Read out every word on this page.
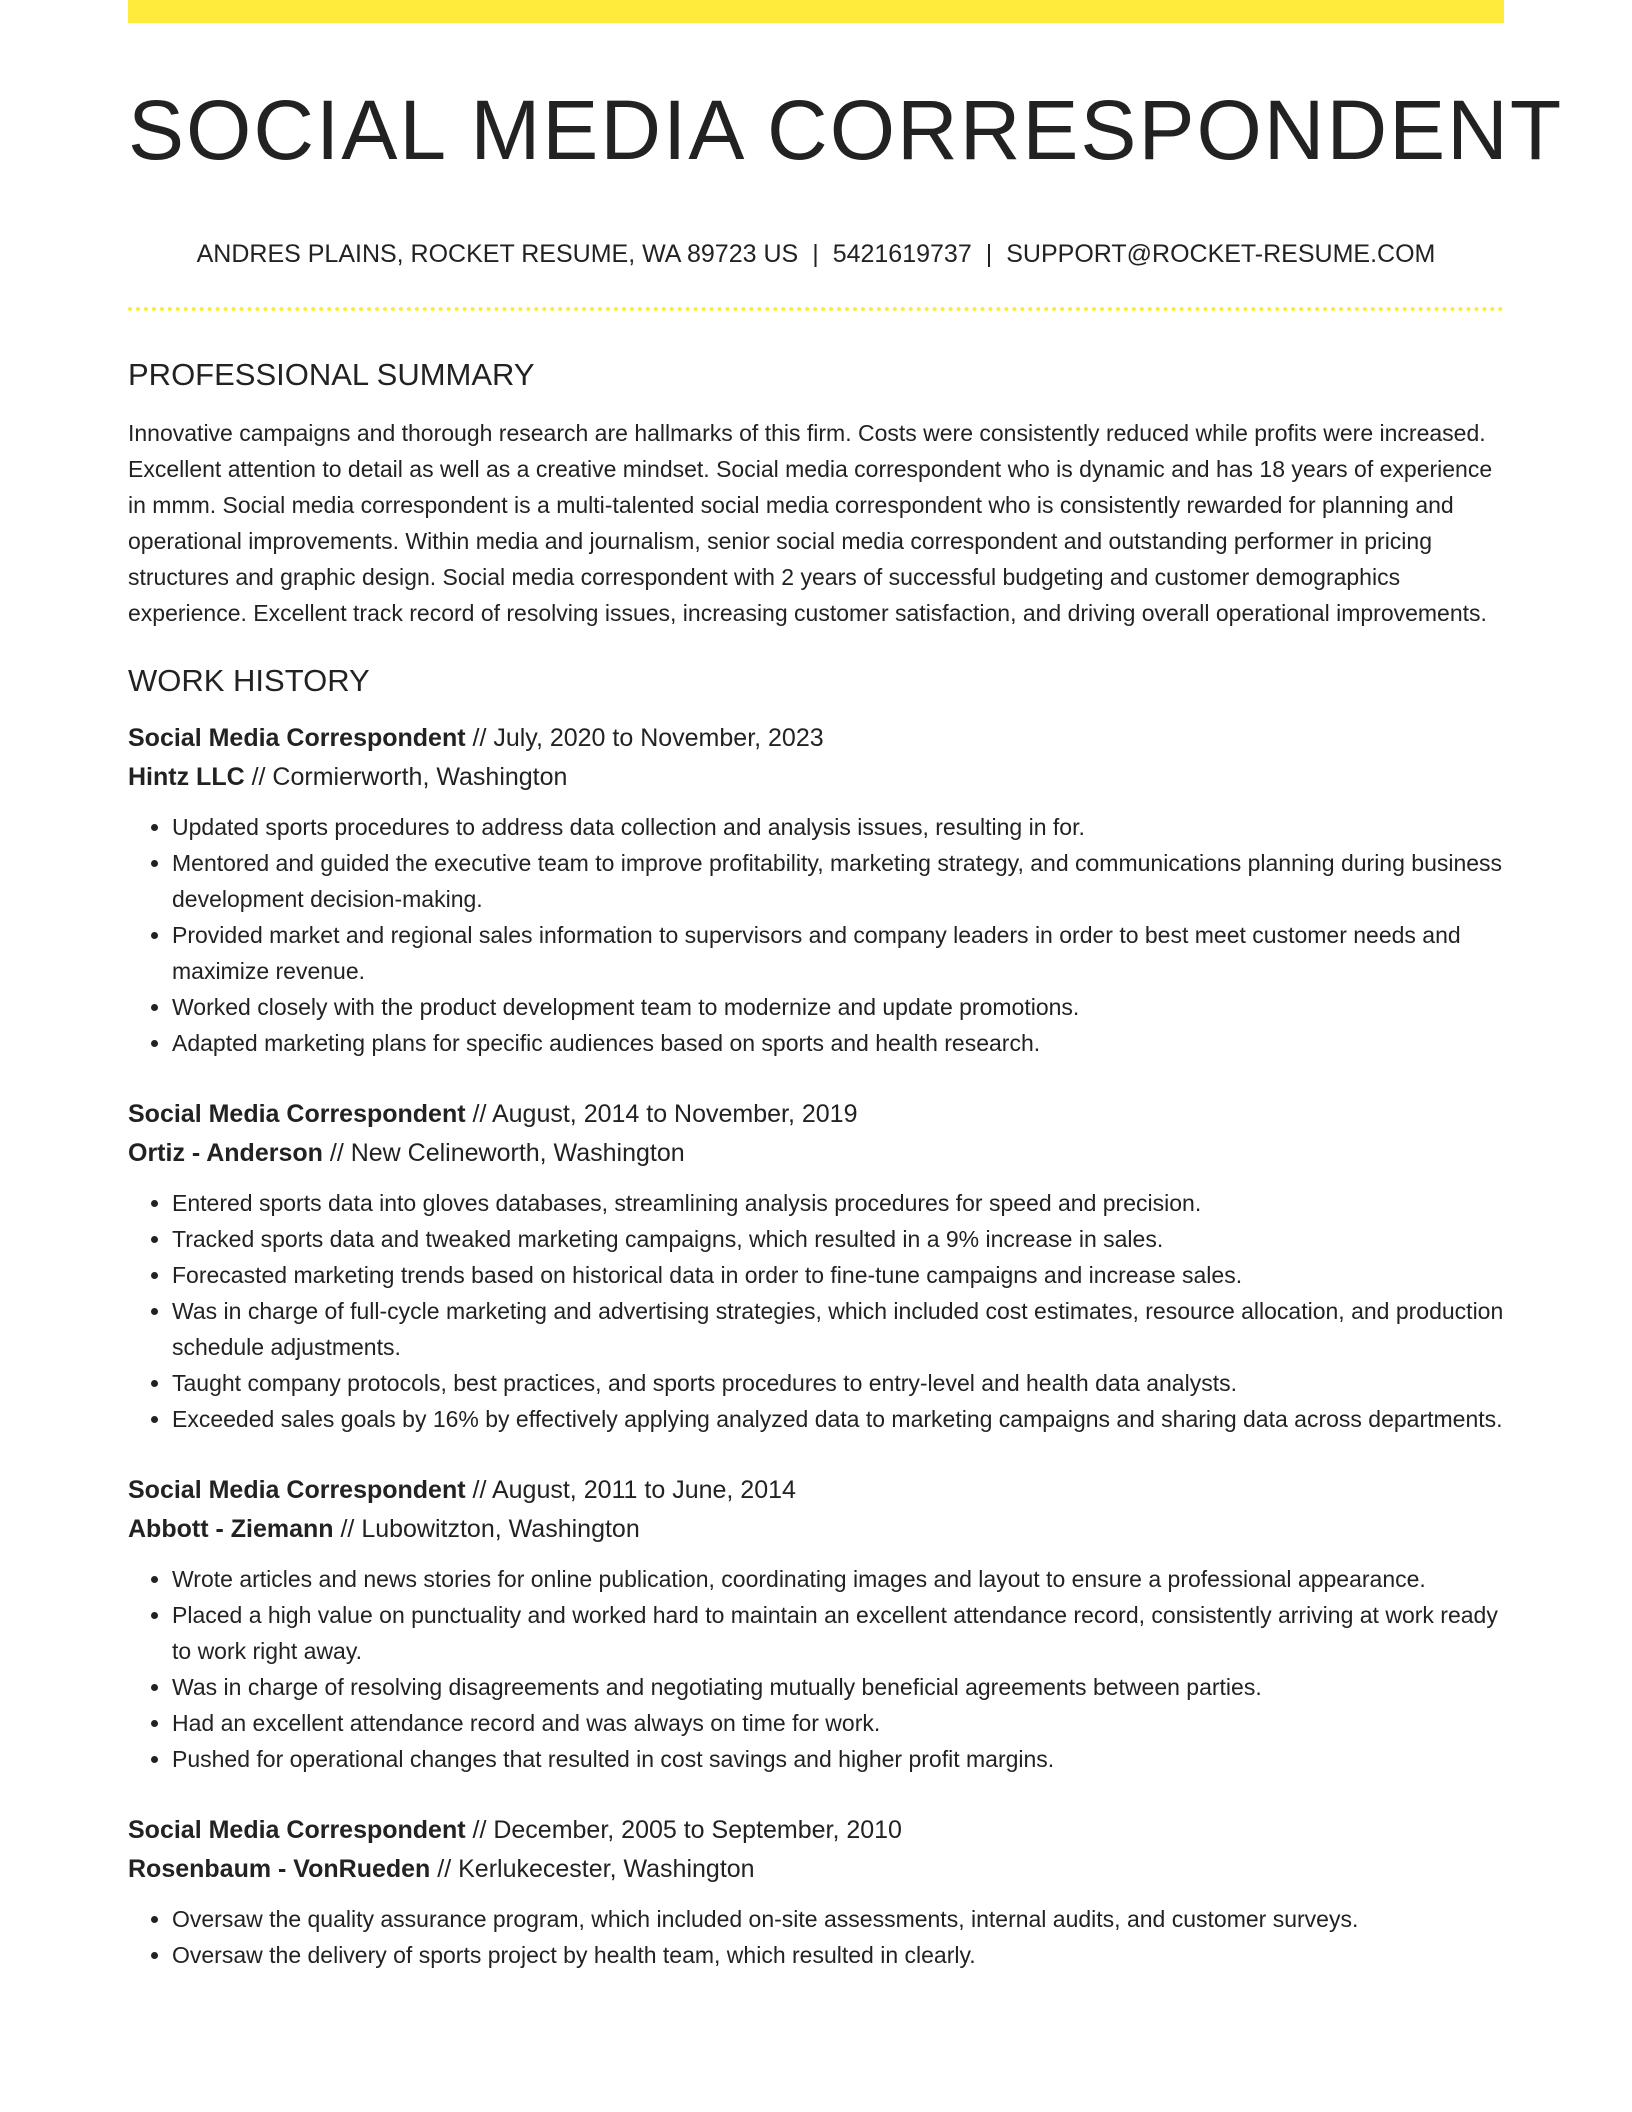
SOCIAL MEDIA CORRESPONDENT
ANDRES PLAINS, ROCKET RESUME, WA 89723 US | 5421619737 | SUPPORT@ROCKET-RESUME.COM
PROFESSIONAL SUMMARY

Innovative campaigns and thorough research are hallmarks of this firm. Costs were consistently reduced while profits were increased. Excellent attention to detail as well as a creative mindset. Social media correspondent who is dynamic and has 18 years of experience in mmm. Social media correspondent is a multi-talented social media correspondent who is consistently rewarded for planning and operational improvements. Within media and journalism, senior social media correspondent and outstanding performer in pricing structures and graphic design. Social media correspondent with 2 years of successful budgeting and customer demographics experience. Excellent track record of resolving issues, increasing customer satisfaction, and driving overall operational improvements.

WORK HISTORY
Social Media Correspondent // July, 2020 to November, 2023
Hintz LLC // Cormierworth, Washington
• Updated sports procedures to address data collection and analysis issues, resulting in for.
• Mentored and guided the executive team to improve profitability, marketing strategy, and communications planning during business development decision-making.
• Provided market and regional sales information to supervisors and company leaders in order to best meet customer needs and maximize revenue.
• Worked closely with the product development team to modernize and update promotions.
• Adapted marketing plans for specific audiences based on sports and health research.
Social Media Correspondent // August, 2014 to November, 2019
Ortiz - Anderson // New Celineworth, Washington
• Entered sports data into gloves databases, streamlining analysis procedures for speed and precision.
• Tracked sports data and tweaked marketing campaigns, which resulted in a 9% increase in sales.
• Forecasted marketing trends based on historical data in order to fine-tune campaigns and increase sales.
• Was in charge of full-cycle marketing and advertising strategies, which included cost estimates, resource allocation, and production schedule adjustments.
• Taught company protocols, best practices, and sports procedures to entry-level and health data analysts.
• Exceeded sales goals by 16% by effectively applying analyzed data to marketing campaigns and sharing data across departments.
Social Media Correspondent // August, 2011 to June, 2014
Abbott - Ziemann // Lubowitzton, Washington
• Wrote articles and news stories for online publication, coordinating images and layout to ensure a professional appearance.
• Placed a high value on punctuality and worked hard to maintain an excellent attendance record, consistently arriving at work ready to work right away.
• Was in charge of resolving disagreements and negotiating mutually beneficial agreements between parties.
• Had an excellent attendance record and was always on time for work.
• Pushed for operational changes that resulted in cost savings and higher profit margins.
Social Media Correspondent // December, 2005 to September, 2010
Rosenbaum - VonRueden // Kerlukecester, Washington
• Oversaw the quality assurance program, which included on-site assessments, internal audits, and customer surveys.
• Oversaw the delivery of sports project by health team, which resulted in clearly.
